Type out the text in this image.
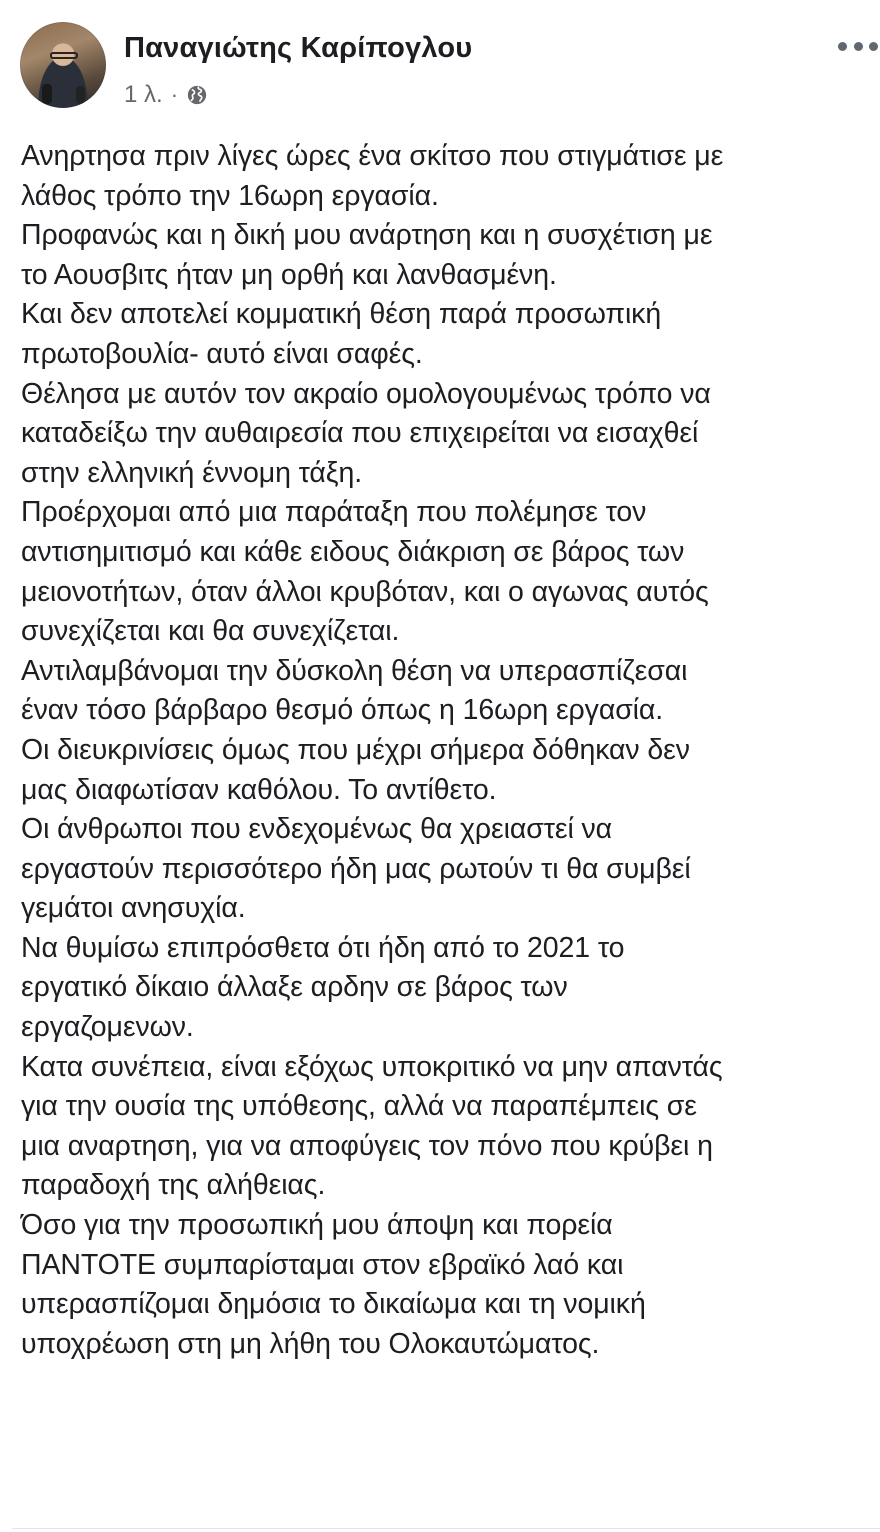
Παναγιώτης Καρίπογλου
1 λ. ·
Ανηρτησα πριν λίγες ώρες ένα σκίτσο που στιγμάτισε με
λάθος τρόπο την 16ωρη εργασία.
Προφανώς και η δική μου ανάρτηση και η συσχέτιση με
το Αουσβιτς ήταν μη ορθή και λανθασμένη.
Και δεν αποτελεί κομματική θέση παρά προσωπική
πρωτοβουλία- αυτό είναι σαφές.
Θέλησα με αυτόν τον ακραίο ομολογουμένως τρόπο να
καταδείξω την αυθαιρεσία που επιχειρείται να εισαχθεί
στην ελληνική έννομη τάξη.
Προέρχομαι από μια παράταξη που πολέμησε τον
αντισημιτισμό και κάθε ειδους διάκριση σε βάρος των
μειονοτήτων, όταν άλλοι κρυβόταν, και ο αγωνας αυτός
συνεχίζεται και θα συνεχίζεται.
Αντιλαμβάνομαι την δύσκολη θέση να υπερασπίζεσαι
έναν τόσο βάρβαρο θεσμό όπως η 16ωρη εργασία.
Οι διευκρινίσεις όμως που μέχρι σήμερα δόθηκαν δεν
μας διαφωτίσαν καθόλου. Το αντίθετο.
Οι άνθρωποι που ενδεχομένως θα χρειαστεί να
εργαστούν περισσότερο ήδη μας ρωτούν τι θα συμβεί
γεμάτοι ανησυχία.
Να θυμίσω επιπρόσθετα ότι ήδη από το 2021 το
εργατικό δίκαιο άλλαξε αρδην σε βάρος των
εργαζομενων.
Κατα συνέπεια, είναι εξόχως υποκριτικό να μην απαντάς
για την ουσία της υπόθεσης, αλλά να παραπέμπεις σε
μια αναρτηση, για να αποφύγεις τον πόνο που κρύβει η
παραδοχή της αλήθειας.
Όσο για την προσωπική μου άποψη και πορεία
ΠΑΝΤΟΤΕ συμπαρίσταμαι στον εβραϊκό λαό και
υπερασπίζομαι δημόσια το δικαίωμα και τη νομική
υποχρέωση στη μη λήθη του Ολοκαυτώματος.
